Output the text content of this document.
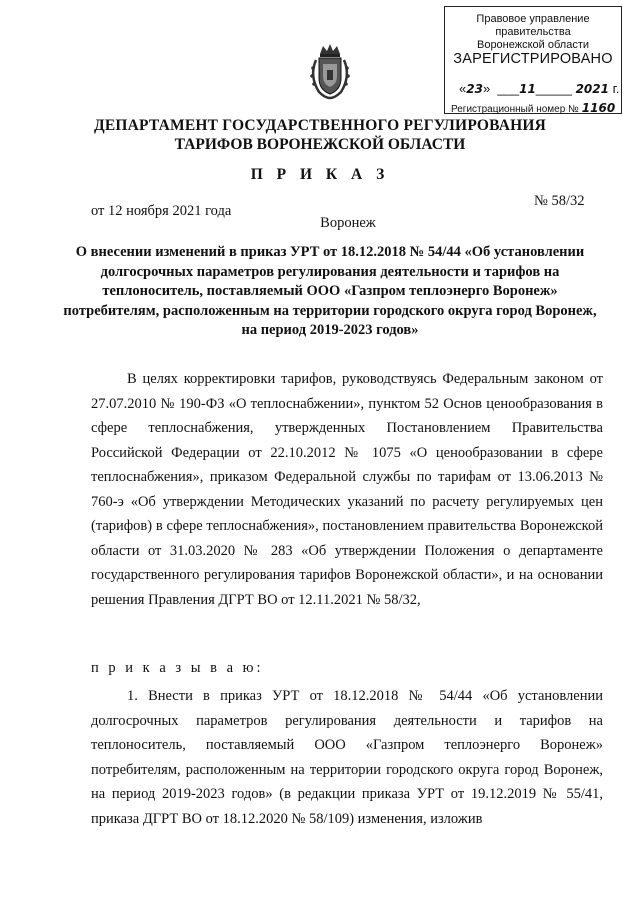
Правовое управление правительства
Воронежской области
ЗАРЕГИСТРИРОВАНО
«23»  ___11_____ 2021 г.
Регистрационный номер № 1160
ДЕПАРТАМЕНТ ГОСУДАРСТВЕННОГО РЕГУЛИРОВАНИЯ
ТАРИФОВ ВОРОНЕЖСКОЙ ОБЛАСТИ
П Р И К А З
от 12 ноября 2021 года
№ 58/32
Воронеж
О внесении изменений в приказ УРТ от 18.12.2018 № 54/44 «Об установлении долгосрочных параметров регулирования деятельности и тарифов на теплоноситель, поставляемый ООО «Газпром теплоэнерго Воронеж» потребителям, расположенным на территории городского округа город Воронеж, на период 2019-2023 годов»
В целях корректировки тарифов, руководствуясь Федеральным законом от 27.07.2010 № 190-ФЗ «О теплоснабжении», пунктом 52 Основ ценообразования в сфере теплоснабжения, утвержденных Постановлением Правительства Российской Федерации от 22.10.2012 № 1075 «О ценообразовании в сфере теплоснабжения», приказом Федеральной службы по тарифам от 13.06.2013 № 760-э «Об утверждении Методических указаний по расчету регулируемых цен (тарифов) в сфере теплоснабжения», постановлением правительства Воронежской области от 31.03.2020 № 283 «Об утверждении Положения о департаменте государственного регулирования тарифов Воронежской области», и на основании решения Правления ДГРТ ВО от 12.11.2021 № 58/32,
п р и к а з ы в а ю:
1. Внести в приказ УРТ от 18.12.2018 № 54/44 «Об установлении долгосрочных параметров регулирования деятельности и тарифов на теплоноситель, поставляемый ООО «Газпром теплоэнерго Воронеж» потребителям, расположенным на территории городского округа город Воронеж, на период 2019-2023 годов» (в редакции приказа УРТ от 19.12.2019 № 55/41, приказа ДГРТ ВО от 18.12.2020 № 58/109) изменения, изложив
